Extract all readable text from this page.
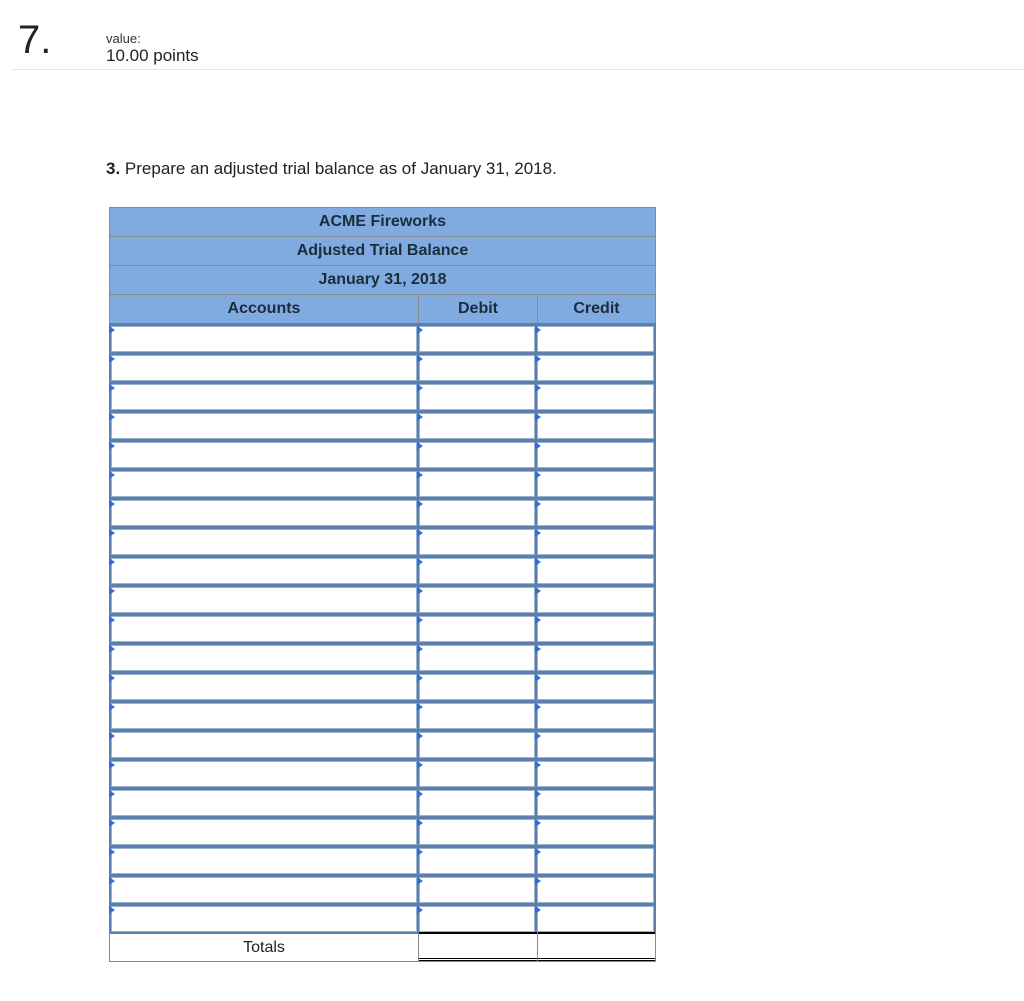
7.	value:
10.00 points
3. Prepare an adjusted trial balance as of January 31, 2018.
ACME Fireworks
Adjusted Trial Balance
January 31, 2018
Accounts	Debit	Credit
Totals
